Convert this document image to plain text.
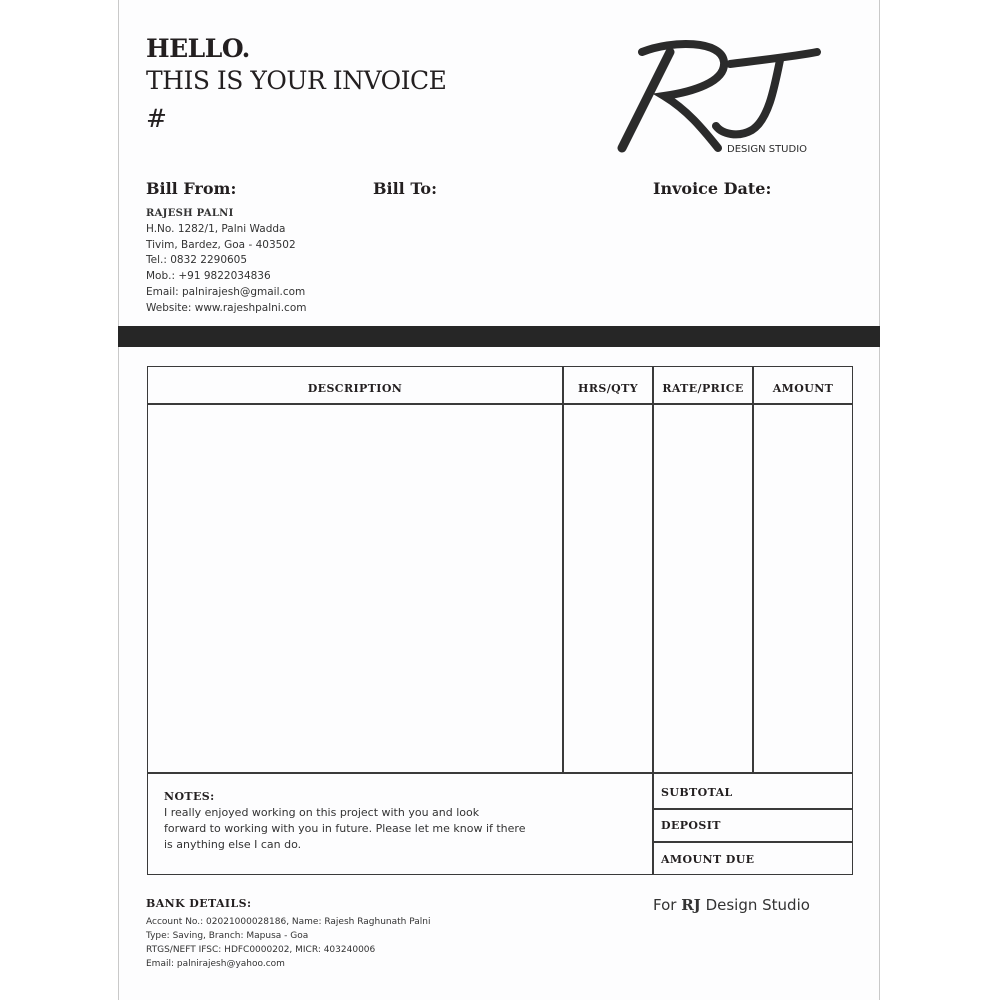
HELLO.
THIS IS YOUR INVOICE
#
DESIGN STUDIO
Bill From:	Bill To:	Invoice Date:
RAJESH PALNI
H.No. 1282/1, Palni Wadda
Tivim, Bardez, Goa - 403502
Tel.: 0832 2290605
Mob.: +91 9822034836
Email: palnirajesh@gmail.com
Website: www.rajeshpalni.com
DESCRIPTION	HRS/QTY	RATE/PRICE	AMOUNT
NOTES:
I really enjoyed working on this project with you and look
forward to working with you in future. Please let me know if there
is anything else I can do.
SUBTOTAL
DEPOSIT
AMOUNT DUE
BANK DETAILS:
Account No.: 02021000028186, Name: Rajesh Raghunath Palni
Type: Saving, Branch: Mapusa - Goa
RTGS/NEFT IFSC: HDFC0000202, MICR: 403240006
Email: palnirajesh@yahoo.com
For RJ Design Studio
